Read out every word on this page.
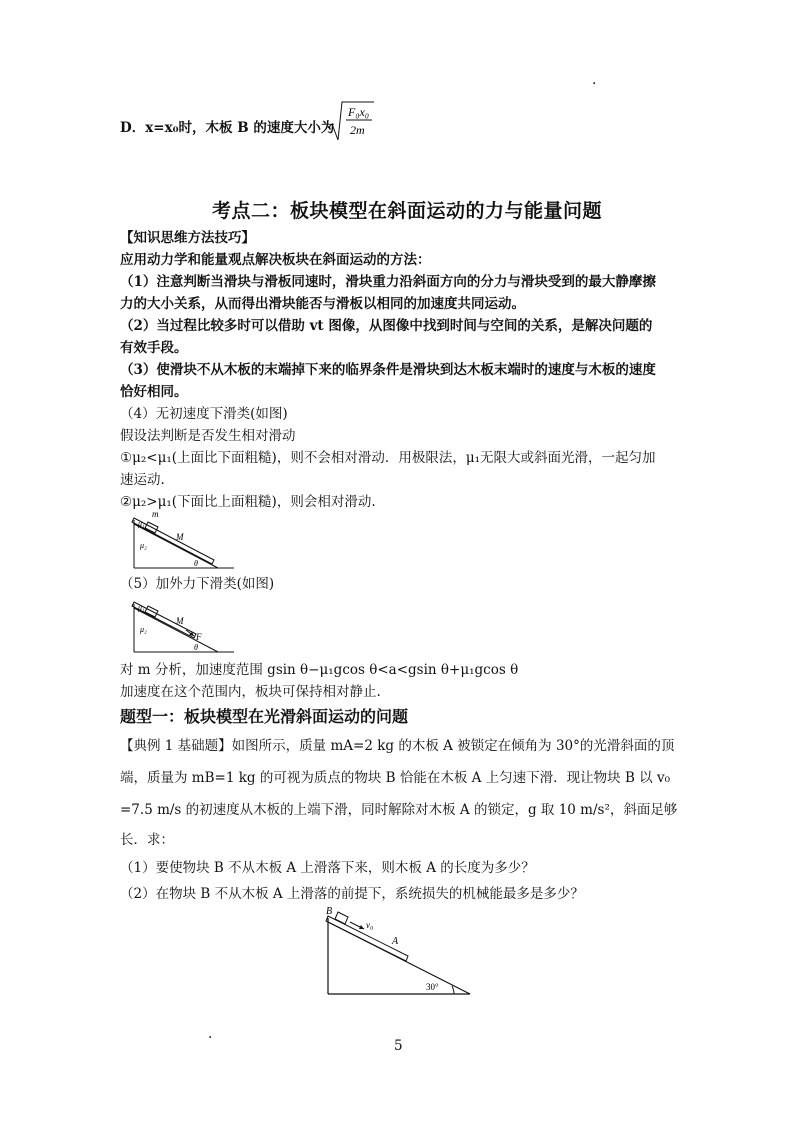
.
D．x=x₀时，木板 B 的速度大小为
F₀x₀
2m
考点二：板块模型在斜面运动的力与能量问题
【知识思维方法技巧】
应用动力学和能量观点解决板块在斜面运动的方法：
（1）注意判断当滑块与滑板同速时，滑块重力沿斜面方向的分力与滑块受到的最大静摩擦
力的大小关系，从而得出滑块能否与滑板以相同的加速度共同运动。
（2）当过程比较多时可以借助 vt 图像，从图像中找到时间与空间的关系，是解决问题的
有效手段。
（3）使滑块不从木板的末端掉下来的临界条件是滑块到达木板末端时的速度与木板的速度
恰好相同。
（4）无初速度下滑类(如图)
假设法判断是否发生相对滑动
①μ₂<μ₁(上面比下面粗糙)，则不会相对滑动．用极限法，μ₁无限大或斜面光滑，一起匀加
速运动.
②μ₂>μ₁(下面比上面粗糙)，则会相对滑动.
m
μ₁
M
μ₂
θ
（5）加外力下滑类(如图)
μ₁
M
μ₂
F
θ
对 m 分析，加速度范围 gsin θ−μ₁gcos θ<a<gsin θ+μ₁gcos θ
加速度在这个范围内，板块可保持相对静止.
题型一：板块模型在光滑斜面运动的问题
【典例 1 基础题】如图所示，质量 mA=2 kg 的木板 A 被锁定在倾角为 30°的光滑斜面的顶
端，质量为 mB=1 kg 的可视为质点的物块 B 恰能在木板 A 上匀速下滑．现让物块 B 以 v₀
=7.5 m/s 的初速度从木板的上端下滑，同时解除对木板 A 的锁定，g 取 10 m/s²，斜面足够
长．求：
（1）要使物块 B 不从木板 A 上滑落下来，则木板 A 的长度为多少？
（2）在物块 B 不从木板 A 上滑落的前提下，系统损失的机械能最多是多少？
B
v₀
A
30°
.
5
